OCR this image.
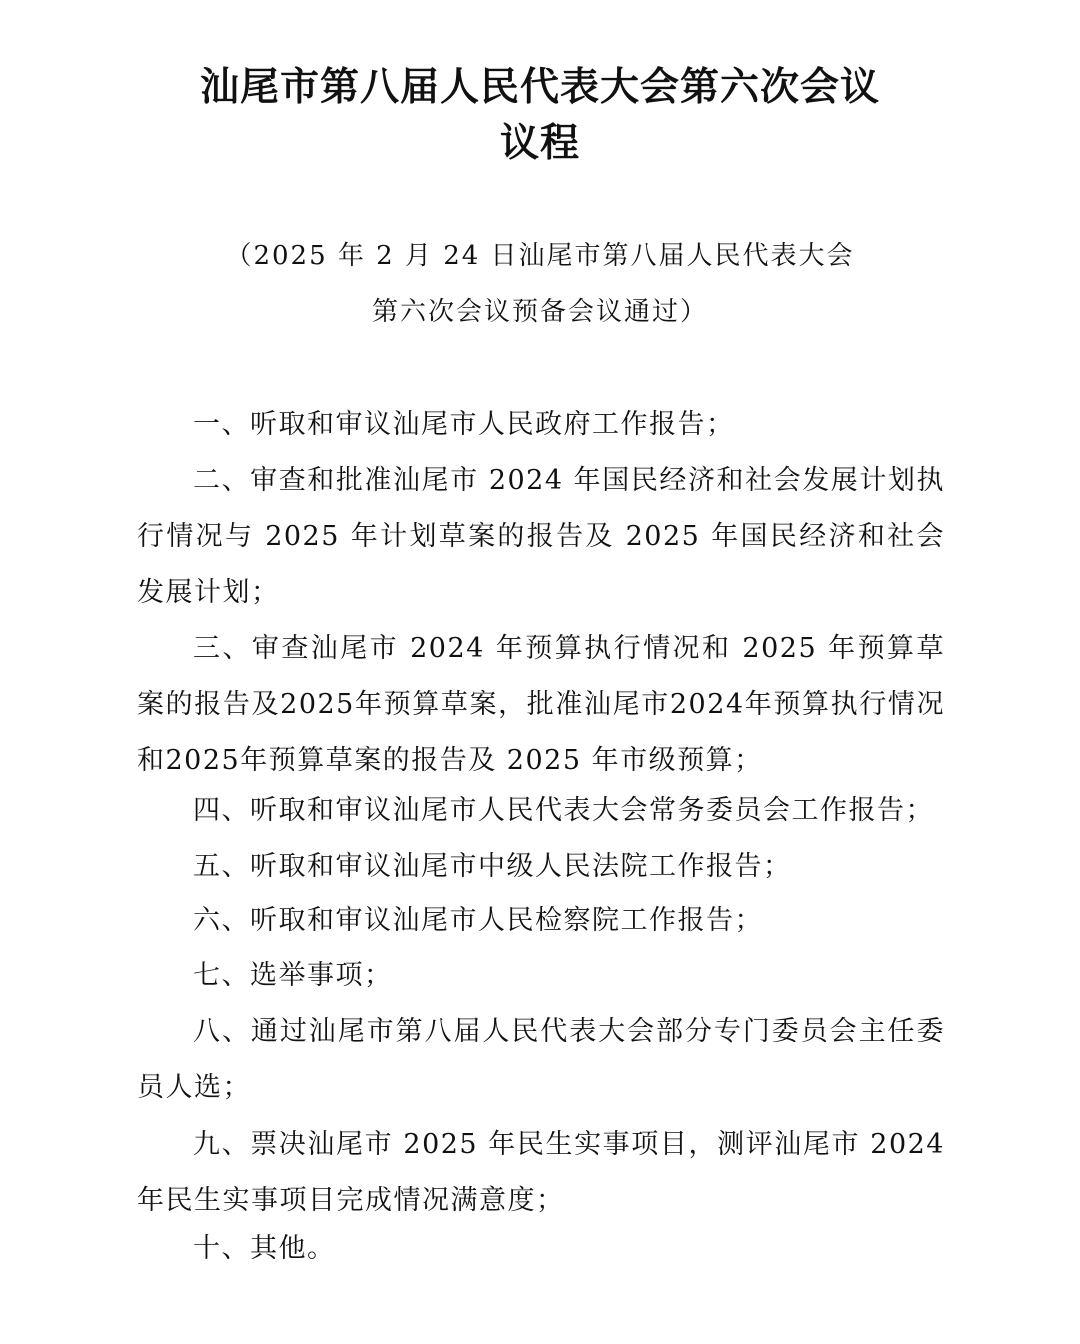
汕尾市第八届人民代表大会第六次会议
议程

（2025 年 2 月 24 日汕尾市第八届人民代表大会

第六次会议预备会议通过）

一、听取和审议汕尾市人民政府工作报告；

二、审查和批准汕尾市 2024 年国民经济和社会发展计划执行情况与 2025 年计划草案的报告及 2025 年国民经济和社会发展计划；

三、审查汕尾市 2024 年预算执行情况和 2025 年预算草案的报告及2025年预算草案，批准汕尾市2024年预算执行情况和2025年预算草案的报告及 2025 年市级预算；

四、听取和审议汕尾市人民代表大会常务委员会工作报告；

五、听取和审议汕尾市中级人民法院工作报告；

六、听取和审议汕尾市人民检察院工作报告；

七、选举事项；

八、通过汕尾市第八届人民代表大会部分专门委员会主任委员人选；

九、票决汕尾市 2025 年民生实事项目，测评汕尾市 2024 年民生实事项目完成情况满意度；

十、其他。
